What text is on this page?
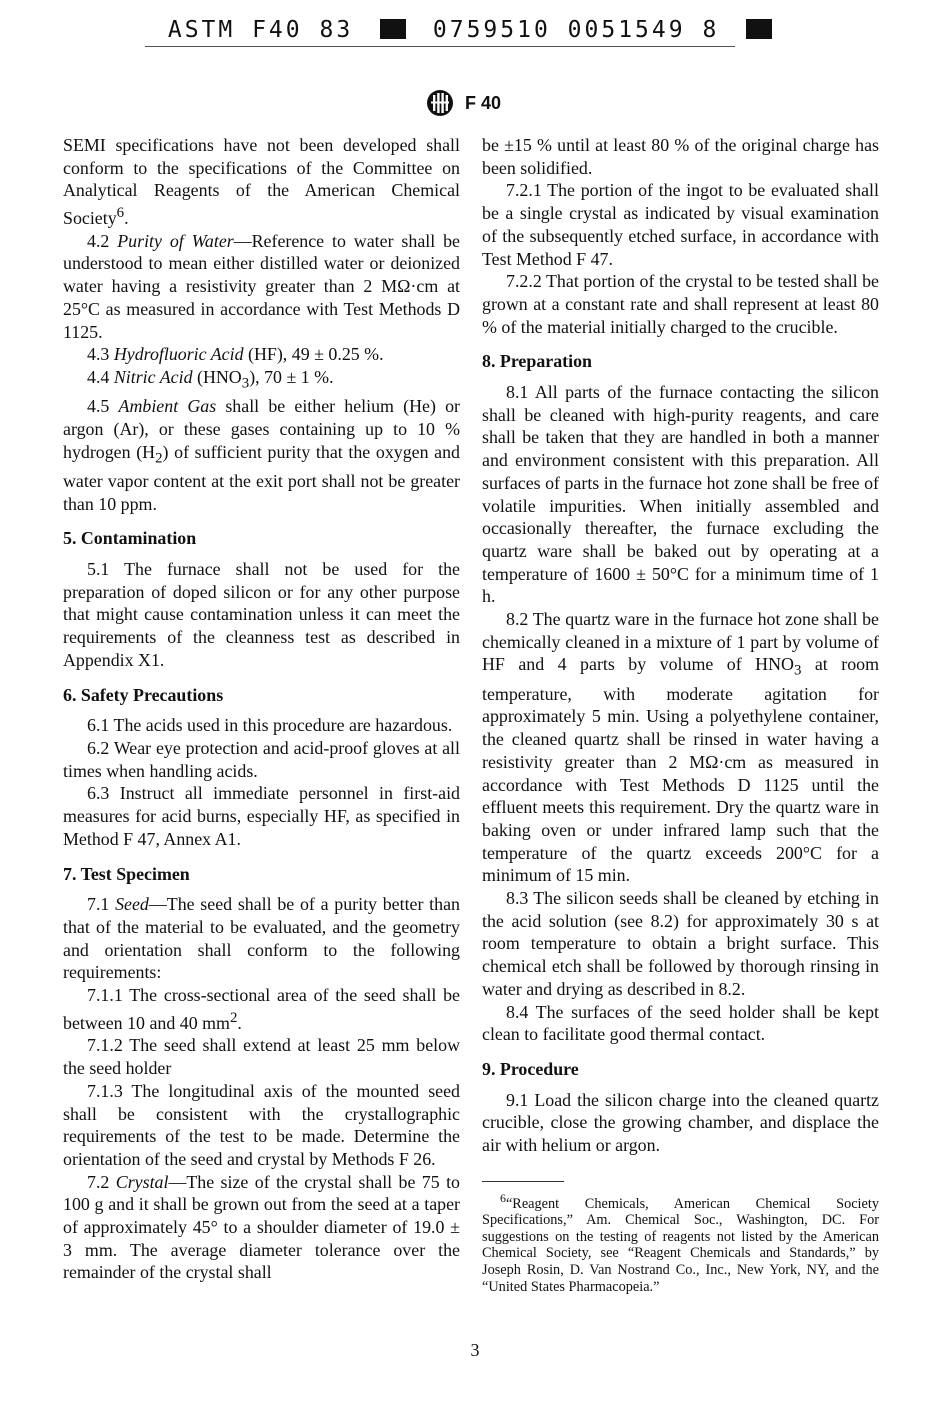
ASTM F40 83	0759510 0051549 8
F 40

SEMI specifications have not been developed shall conform to the specifications of the Committee on Analytical Reagents of the American Chemical Society$^6$.

4.2 Purity of Water—Reference to water shall be understood to mean either distilled water or deionized water having a resistivity greater than 2 MΩ·cm at 25°C as measured in accordance with Test Methods D 1125.

4.3 Hydrofluoric Acid (HF), 49 ± 0.25 %.

4.4 Nitric Acid $(HNO_3)$, 70 ± 1 %.

4.5 Ambient Gas shall be either helium (He) or argon (Ar), or these gases containing up to 10 % hydrogen $(H_2)$ of sufficient purity that the oxygen and water vapor content at the exit port shall not be greater than 10 ppm.

5. Contamination

5.1 The furnace shall not be used for the preparation of doped silicon or for any other purpose that might cause contamination unless it can meet the requirements of the cleanness test as described in Appendix X1.

6. Safety Precautions

6.1 The acids used in this procedure are hazardous.

6.2 Wear eye protection and acid-proof gloves at all times when handling acids.

6.3 Instruct all immediate personnel in first-aid measures for acid burns, especially HF, as specified in Method F 47, Annex A1.

7. Test Specimen

7.1 Seed—The seed shall be of a purity better than that of the material to be evaluated, and the geometry and orientation shall conform to the following requirements:

7.1.1 The cross-sectional area of the seed shall be between 10 and 40 $mm^2$.

7.1.2 The seed shall extend at least 25 mm below the seed holder

7.1.3 The longitudinal axis of the mounted seed shall be consistent with the crystallographic requirements of the test to be made. Determine the orientation of the seed and crystal by Methods F 26.

7.2 Crystal—The size of the crystal shall be 75 to 100 g and it shall be grown out from the seed at a taper of approximately 45° to a shoulder diameter of 19.0 ± 3 mm. The average diameter tolerance over the remainder of the crystal shall

be ±15 % until at least 80 % of the original charge has been solidified.

7.2.1 The portion of the ingot to be evaluated shall be a single crystal as indicated by visual examination of the subsequently etched surface, in accordance with Test Method F 47.

7.2.2 That portion of the crystal to be tested shall be grown at a constant rate and shall represent at least 80 % of the material initially charged to the crucible.

8. Preparation

8.1 All parts of the furnace contacting the silicon shall be cleaned with high-purity reagents, and care shall be taken that they are handled in both a manner and environment consistent with this preparation. All surfaces of parts in the furnace hot zone shall be free of volatile impurities. When initially assembled and occasionally thereafter, the furnace excluding the quartz ware shall be baked out by operating at a temperature of 1600 ± 50°C for a minimum time of 1 h.

8.2 The quartz ware in the furnace hot zone shall be chemically cleaned in a mixture of 1 part by volume of HF and 4 parts by volume of $HNO_3$ at room temperature, with moderate agitation for approximately 5 min. Using a polyethylene container, the cleaned quartz shall be rinsed in water having a resistivity greater than 2 MΩ·cm as measured in accordance with Test Methods D 1125 until the effluent meets this requirement. Dry the quartz ware in baking oven or under infrared lamp such that the temperature of the quartz exceeds 200°C for a minimum of 15 min.

8.3 The silicon seeds shall be cleaned by etching in the acid solution (see 8.2) for approximately 30 s at room temperature to obtain a bright surface. This chemical etch shall be followed by thorough rinsing in water and drying as described in 8.2.

8.4 The surfaces of the seed holder shall be kept clean to facilitate good thermal contact.

9. Procedure

9.1 Load the silicon charge into the cleaned quartz crucible, close the growing chamber, and displace the air with helium or argon.

$^6$“Reagent Chemicals, American Chemical Society Specifications,” Am. Chemical Soc., Washington, DC. For suggestions on the testing of reagents not listed by the American Chemical Society, see “Reagent Chemicals and Standards,” by Joseph Rosin, D. Van Nostrand Co., Inc., New York, NY, and the “United States Pharmacopeia.”

3
